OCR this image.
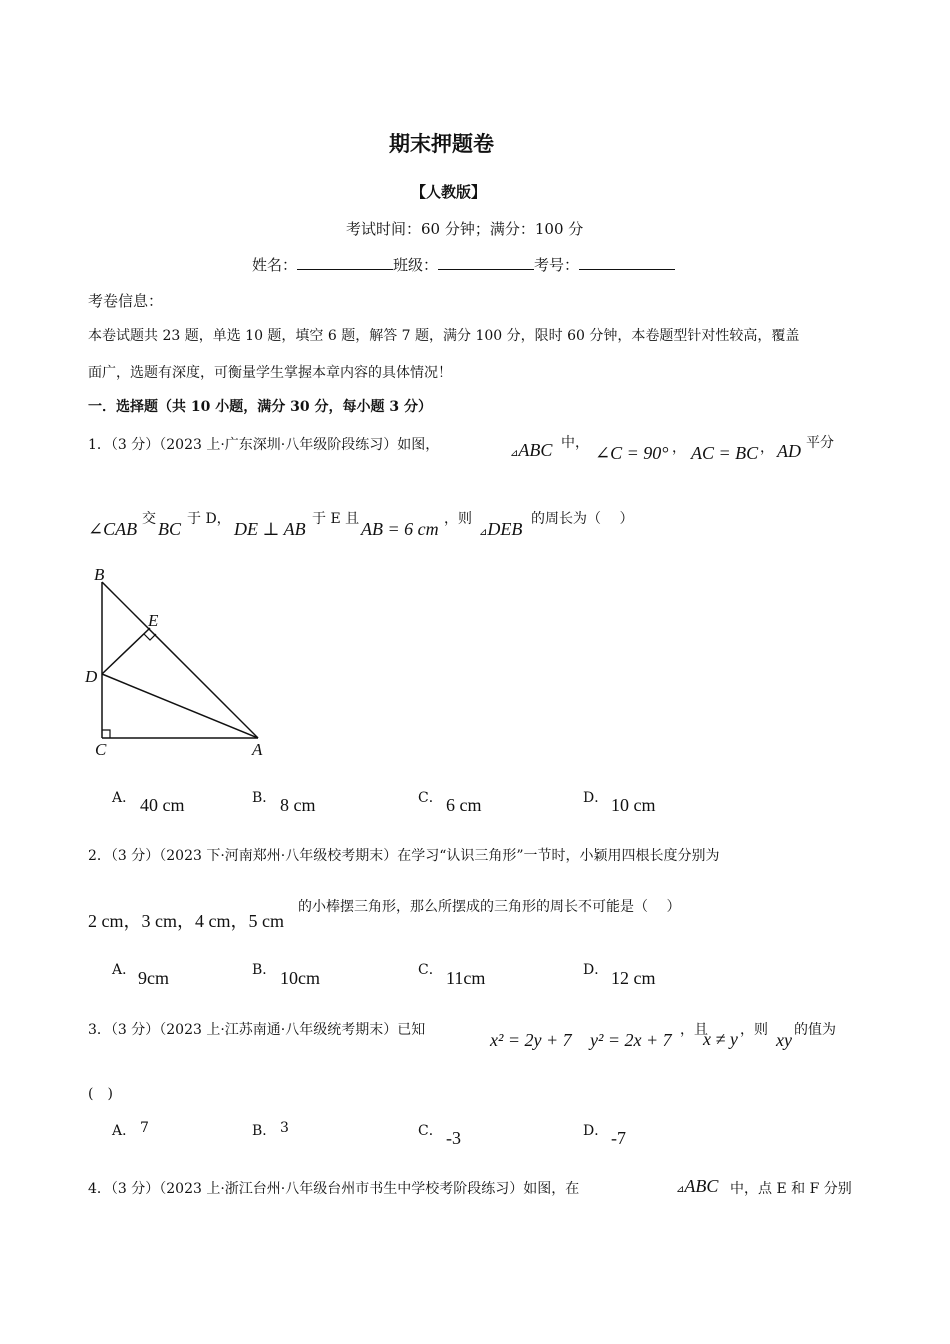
期末押题卷
【人教版】
考试时间：60 分钟；满分：100 分
姓名：	班级：	考号：
考卷信息：
本卷试题共 23 题，单选 10 题，填空 6 题，解答 7 题，满分 100 分，限时 60 分钟，本卷题型针对性较高，覆盖
面广，选题有深度，可衡量学生掌握本章内容的具体情况！
一．选择题（共 10 小题，满分 30 分，每小题 3 分）
1．（3 分）（2023 上·广东深圳·八年级阶段练习）如图，
⊿ABC 中， ∠C = 90° ， AC = BC ， AD 平分
∠CAB 交 BC 于 D， DE ⊥ AB 于 E 且 AB = 6 cm ，则
⊿DEB 的周长为（　 ）
B
E
D
C	A
A． 40 cm	B． 8 cm	C． 6 cm	D． 10 cm
2．（3 分）（2023 下·河南郑州·八年级校考期末）在学习“认识三角形”一节时，小颖用四根长度分别为
2 cm，3 cm，4 cm，5 cm
的小棒摆三角形，那么所摆成的三角形的周长不可能是（　 ）
A． 9cm	B． 10cm	C． 11cm	D． 12 cm
3．（3 分）（2023 上·江苏南通·八年级统考期末）已知	x² = 2y + 7 y² = 2x + 7 ，且
x ≠ y ，则 xy 的值为
(　)
A． 7	B． 3	C． -3	D． -7
4．（3 分）（2023 上·浙江台州·八年级台州市书生中学校考阶段练习）如图，在	⊿ABC 中，点 E 和 F 分别
